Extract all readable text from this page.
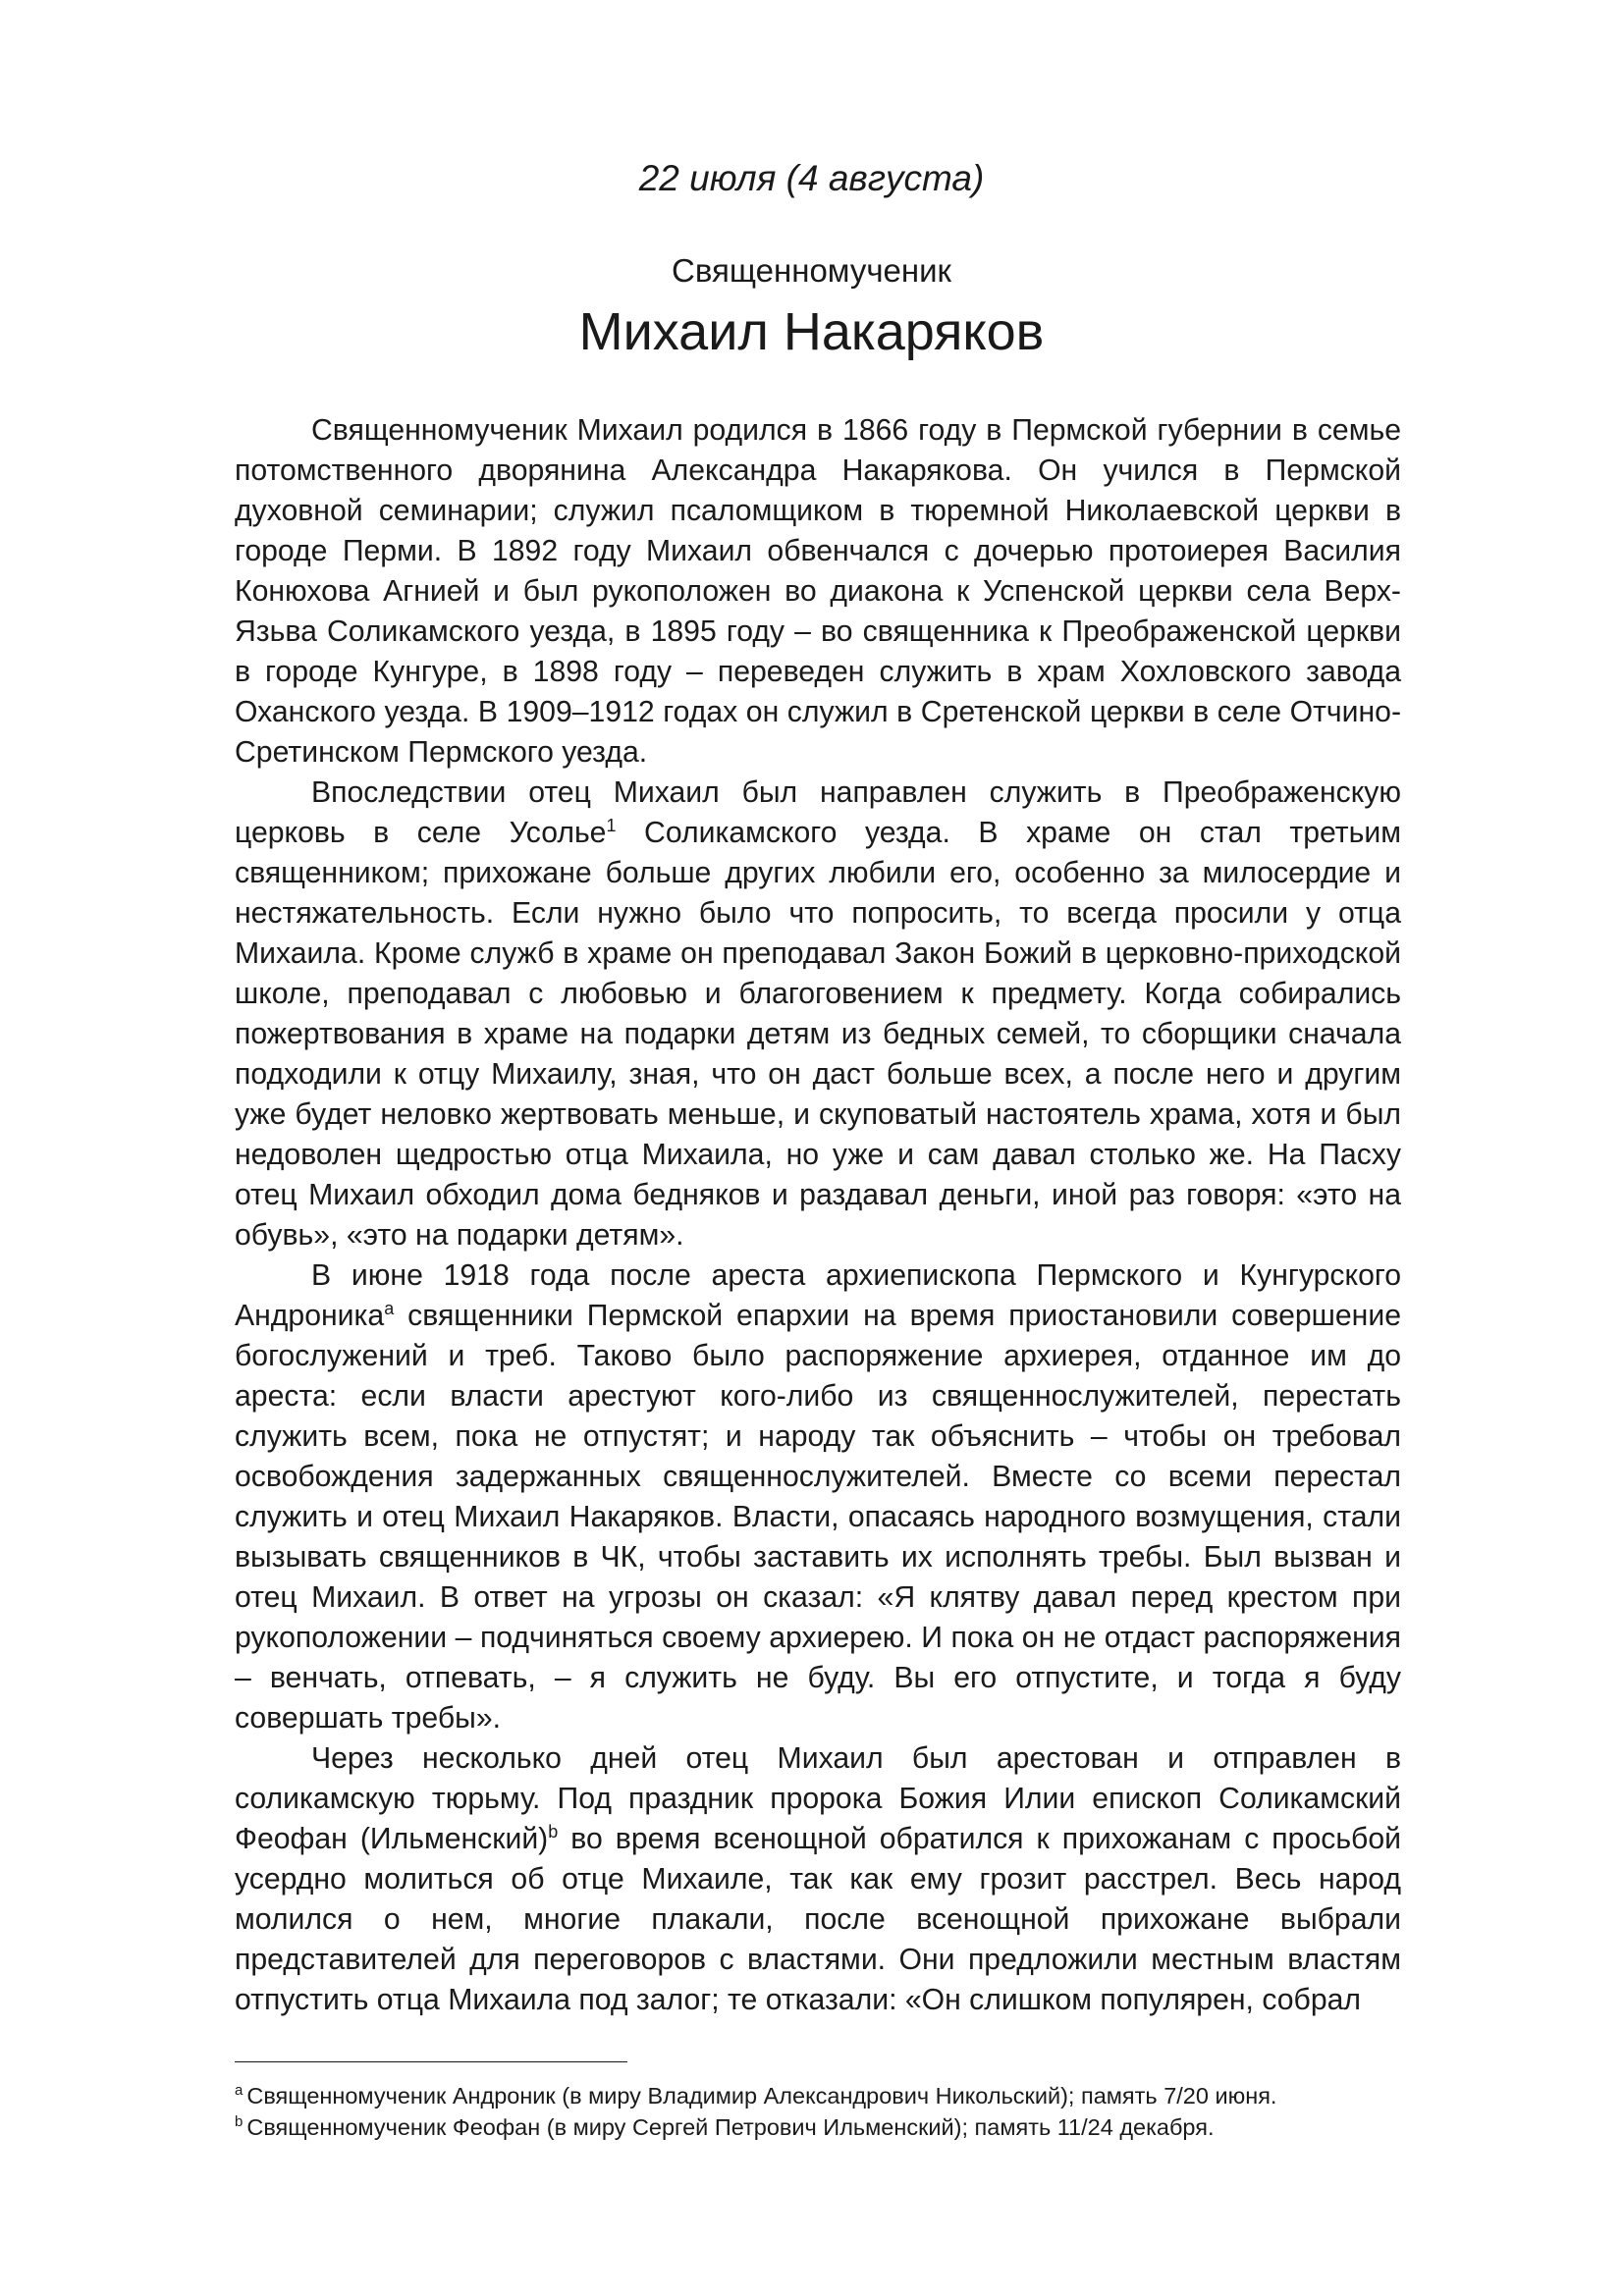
22 июля (4 августа)
Священномученик
Михаил Накаряков

Священномученик Михаил родился в 1866 году в Пермской губернии в семье потомственного дворянина Александра Накарякова. Он учился в Пермской духовной семинарии; служил псаломщиком в тюремной Николаевской церкви в городе Перми. В 1892 году Михаил обвенчался с дочерью протоиерея Василия Конюхова Агнией и был рукоположен во диакона к Успенской церкви села Верх-Язьва Соликамского уезда, в 1895 году – во священника к Преображенской церкви в городе Кунгуре, в 1898 году – переведен служить в храм Хохловского завода Оханского уезда. В 1909–1912 годах он служил в Сретенской церкви в селе Отчино-Сретинском Пермского уезда.

Впоследствии отец Михаил был направлен служить в Преображенскую церковь в селе Усолье$^1$ Соликамского уезда. В храме он стал третьим священником; прихожане больше других любили его, особенно за милосердие и нестяжательность. Если нужно было что попросить, то всегда просили у отца Михаила. Кроме служб в храме он преподавал Закон Божий в церковно-приходской школе, преподавал с любовью и благоговением к предмету. Когда собирались пожертвования в храме на подарки детям из бедных семей, то сборщики сначала подходили к отцу Михаилу, зная, что он даст больше всех, а после него и другим уже будет неловко жертвовать меньше, и скуповатый настоятель храма, хотя и был недоволен щедростью отца Михаила, но уже и сам давал столько же. На Пасху отец Михаил обходил дома бедняков и раздавал деньги, иной раз говоря: «это на обувь», «это на подарки детям».

В июне 1918 года после ареста архиепископа Пермского и Кунгурского Андроника$^a$ священники Пермской епархии на время приостановили совершение богослужений и треб. Таково было распоряжение архиерея, отданное им до ареста: если власти арестуют кого-либо из священнослужителей, перестать служить всем, пока не отпустят; и народу так объяснить – чтобы он требовал освобождения задержанных священнослужителей. Вместе со всеми перестал служить и отец Михаил Накаряков. Власти, опасаясь народного возмущения, стали вызывать священников в ЧК, чтобы заставить их исполнять требы. Был вызван и отец Михаил. В ответ на угрозы он сказал: «Я клятву давал перед крестом при рукоположении – подчиняться своему архиерею. И пока он не отдаст распоряжения – венчать, отпевать, – я служить не буду. Вы его отпустите, и тогда я буду совершать требы».

Через несколько дней отец Михаил был арестован и отправлен в соликамскую тюрьму. Под праздник пророка Божия Илии епископ Соликамский Феофан (Ильменский)$^b$ во время всенощной обратился к прихожанам с просьбой усердно молиться об отце Михаиле, так как ему грозит расстрел. Весь народ молился о нем, многие плакали, после всенощной прихожане выбрали представителей для переговоров с властями. Они предложили местным властям отпустить отца Михаила под залог; те отказали: «Он слишком популярен, собрал

$^a$ Священномученик Андроник (в миру Владимир Александрович Никольский); память 7/20 июня.

$^b$ Священномученик Феофан (в миру Сергей Петрович Ильменский); память 11/24 декабря.
